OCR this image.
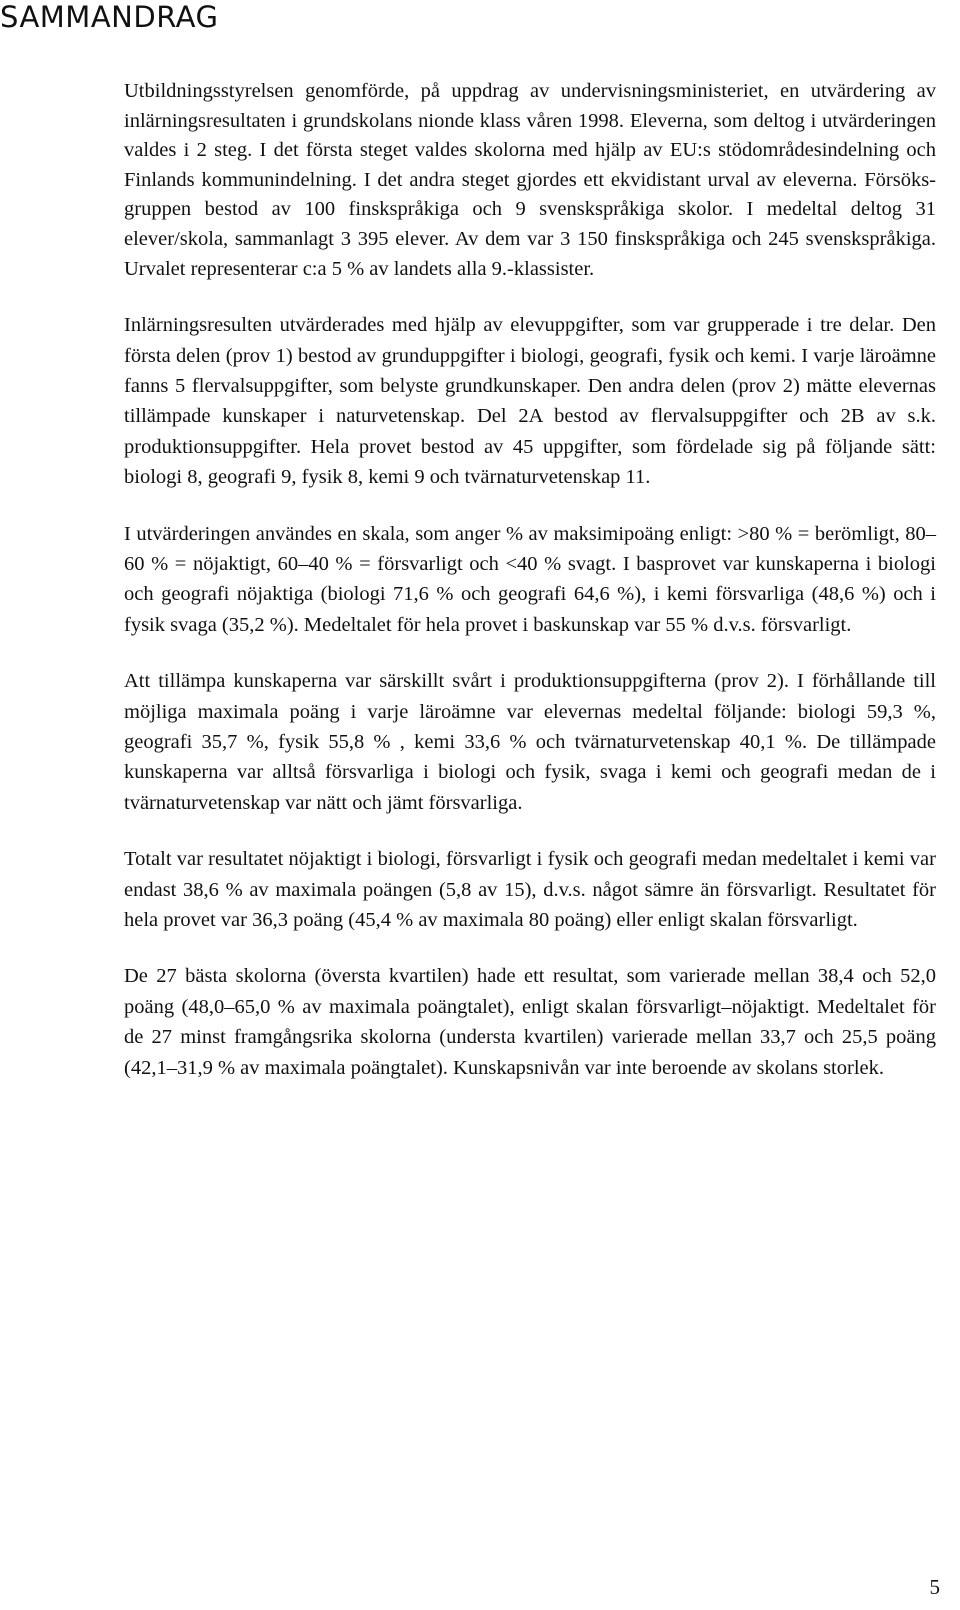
SAMMANDRAG

Utbildningsstyrelsen genomförde, på uppdrag av undervisningsministeriet, en utvärdering av inlärningsresultaten i grundskolans nionde klass våren 1998. Eleverna, som deltog i utvärderingen valdes i 2 steg. I det första steget valdes skolorna med hjälp av EU:s stödområdesindelning och Finlands kommunindelning. I det andra steget gjordes ett ekvidistant urval av eleverna. Försöksgruppen bestod av 100 finskspråkiga och 9 svenskspråkiga skolor. I medeltal deltog 31 elever/skola, sammanlagt 3 395 elever. Av dem var 3 150 finskspråkiga och 245 svenskspråkiga. Urvalet representerar c:a 5 % av landets alla 9.-klassister.

Inlärningsresulten utvärderades med hjälp av elevuppgifter, som var grupperade i tre delar. Den första delen (prov 1) bestod av grunduppgifter i biologi, geografi, fysik och kemi. I varje läroämne fanns 5 flervalsuppgifter, som belyste grundkunskaper. Den andra delen (prov 2) mätte elevernas tillämpade kunskaper i naturvetenskap. Del 2A bestod av flervalsuppgifter och 2B av s.k. produktionsuppgifter. Hela provet bestod av 45 uppgifter, som fördelade sig på följande sätt: biologi 8, geografi 9, fysik 8, kemi 9 och tvärnaturvetenskap 11.

I utvärderingen användes en skala, som anger % av maksimipoäng enligt: >80 % = berömligt, 80–60 % = nöjaktigt, 60–40 % = försvarligt och <40 % svagt. I basprovet var kunskaperna i biologi och geografi nöjaktiga (biologi 71,6 % och geografi 64,6 %), i kemi försvarliga (48,6 %) och i fysik svaga (35,2 %). Medeltalet för hela provet i baskunskap var 55 % d.v.s. försvarligt.

Att tillämpa kunskaperna var särskillt svårt i produktionsuppgifterna (prov 2). I förhållande till möjliga maximala poäng i varje läroämne var elevernas medeltal följande: biologi 59,3 %, geografi 35,7 %, fysik 55,8 % , kemi 33,6 % och tvärnaturvetenskap 40,1 %. De tillämpade kunskaperna var alltså försvarliga i biologi och fysik, svaga i kemi och geografi medan de i tvärnaturvetenskap var nätt och jämt försvarliga.

Totalt var resultatet nöjaktigt i biologi, försvarligt i fysik och geografi medan medeltalet i kemi var endast 38,6 % av maximala poängen (5,8 av 15), d.v.s. något sämre än försvarligt. Resultatet för hela provet var 36,3 poäng (45,4 % av maximala 80 poäng) eller enligt skalan försvarligt.

De 27 bästa skolorna (översta kvartilen) hade ett resultat, som varierade mellan 38,4 och 52,0 poäng (48,0–65,0 % av maximala poängtalet), enligt skalan försvarligt–nöjaktigt. Medeltalet för de 27 minst framgångsrika skolorna (understa kvartilen) varierade mellan 33,7 och 25,5 poäng (42,1–31,9 % av maximala poängtalet). Kunskapsnivån var inte beroende av skolans storlek.

5
